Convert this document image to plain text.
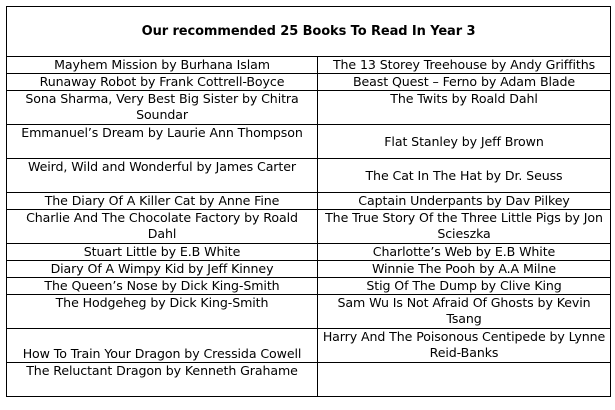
Our recommended 25 Books To Read In Year 3	
Mayhem Mission by Burhana Islam	The 13 Storey Treehouse by Andy Griffiths
Runaway Robot by Frank Cottrell-Boyce	Beast Quest – Ferno by Adam Blade
Sona Sharma, Very Best Big Sister by Chitra Soundar	The Twits by Roald Dahl
Emmanuel’s Dream by Laurie Ann Thompson	Flat Stanley by Jeff Brown
Weird, Wild and Wonderful by James Carter	The Cat In The Hat by Dr. Seuss
The Diary Of A Killer Cat by Anne Fine	Captain Underpants by Dav Pilkey
Charlie And The Chocolate Factory by Roald Dahl	The True Story Of the Three Little Pigs by Jon Scieszka
Stuart Little by E.B White	Charlotte’s Web by E.B White
Diary Of A Wimpy Kid by Jeff Kinney	Winnie The Pooh by A.A Milne
The Queen’s Nose by Dick King-Smith	Stig Of The Dump by Clive King
The Hodgeheg by Dick King-Smith	Sam Wu Is Not Afraid Of Ghosts by Kevin Tsang
How To Train Your Dragon by Cressida Cowell	Harry And The Poisonous Centipede by Lynne Reid-Banks
The Reluctant Dragon by Kenneth Grahame	
